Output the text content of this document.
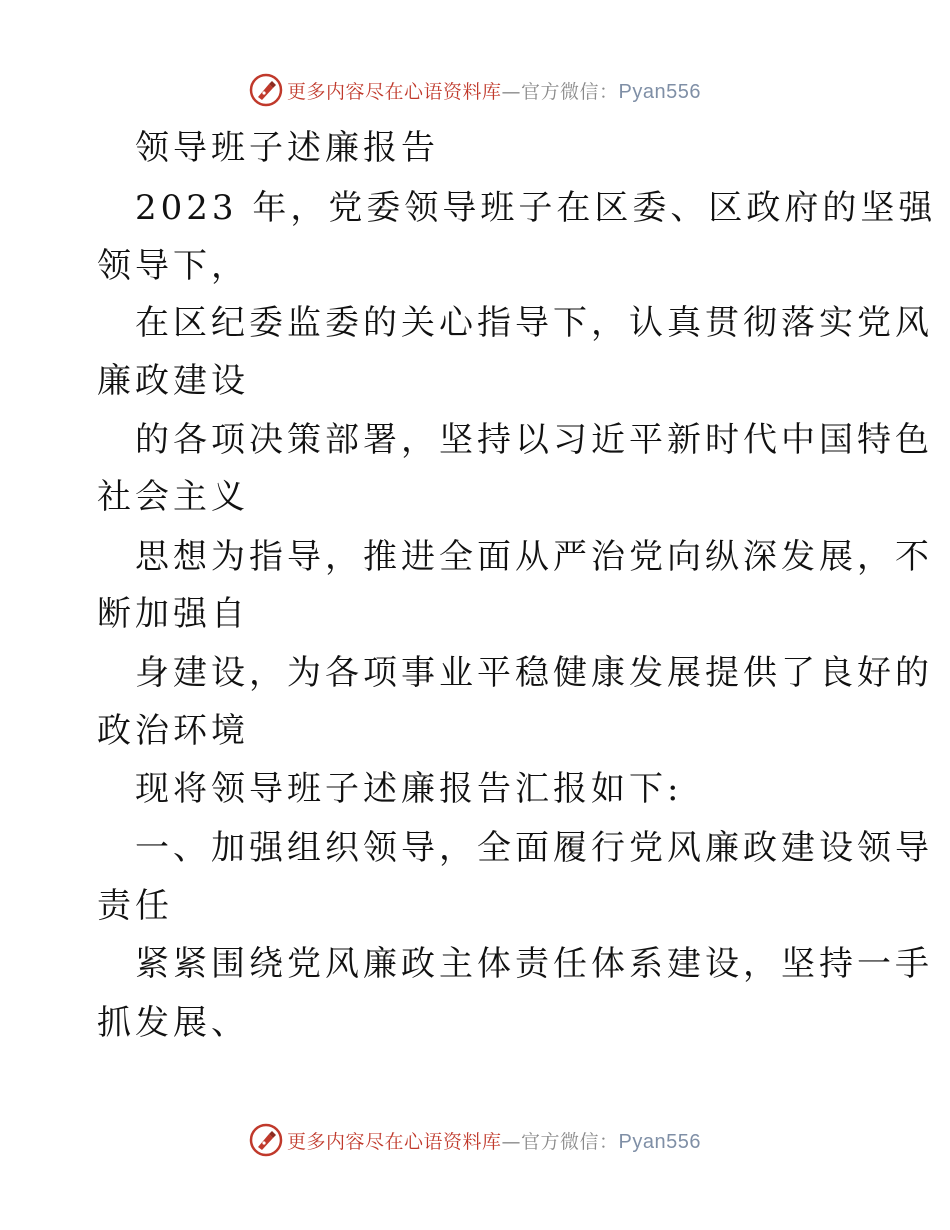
更多内容尽在心语资料库—官方微信：Pyan556
领导班子述廉报告
2023 年，党委领导班子在区委、区政府的坚强
领导下，
在区纪委监委的关心指导下，认真贯彻落实党风
廉政建设
的各项决策部署，坚持以习近平新时代中国特色
社会主义
思想为指导，推进全面从严治党向纵深发展，不
断加强自
身建设，为各项事业平稳健康发展提供了良好的
政治环境
现将领导班子述廉报告汇报如下:
一、加强组织领导，全面履行党风廉政建设领导
责任
紧紧围绕党风廉政主体责任体系建设，坚持一手
抓发展、
更多内容尽在心语资料库—官方微信：Pyan556
